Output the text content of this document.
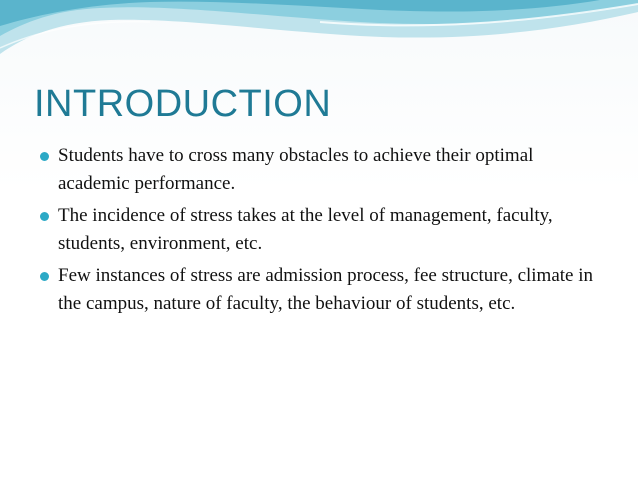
INTRODUCTION
Students have to cross many obstacles to achieve their optimal academic performance.
The incidence of stress takes at the level of management, faculty, students, environment, etc.
Few instances of stress are admission process, fee structure, climate in the campus, nature of faculty, the behaviour of students, etc.
